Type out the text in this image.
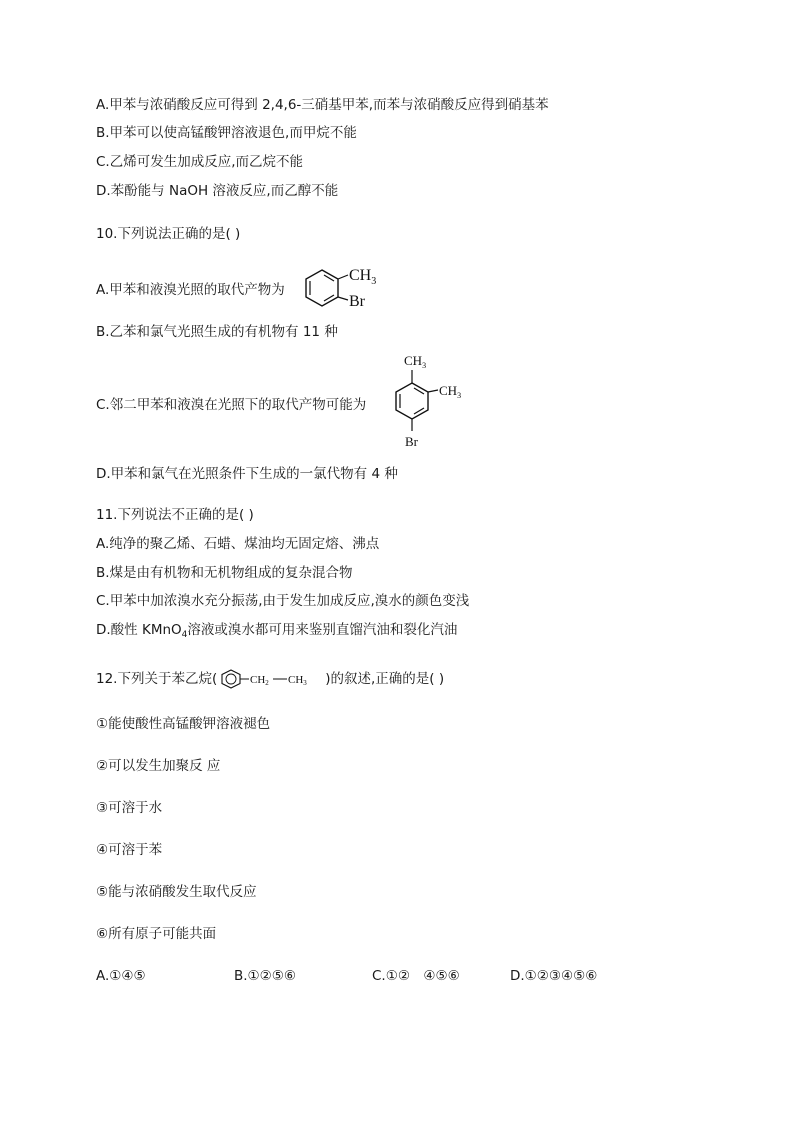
A.甲苯与浓硝酸反应可得到 2,4,6-三硝基甲苯,而苯与浓硝酸反应得到硝基苯
B.甲苯可以使高锰酸钾溶液退色,而甲烷不能
C.乙烯可发生加成反应,而乙烷不能
D.苯酚能与 NaOH 溶液反应,而乙醇不能
10.下列说法正确的是( )
A.甲苯和液溴光照的取代产物为
$CH_3$
Br
B.乙苯和氯气光照生成的有机物有 11 种
C.邻二甲苯和液溴在光照下的取代产物可能为
$CH_3$
$CH_3$
Br
D.甲苯和氯气在光照条件下生成的一氯代物有 4 种
11.下列说法不正确的是( )
A.纯净的聚乙烯、石蜡、煤油均无固定熔、沸点
B.煤是由有机物和无机物组成的复杂混合物
C.甲苯中加浓溴水充分振荡,由于发生加成反应,溴水的颜色变浅
D.酸性 KMnO$_4$溶液或溴水都可用来鉴别直馏汽油和裂化汽油
12.下列关于苯乙烷(	CH2 CH3 )的叙述,正确的是( )
①能使酸性高锰酸钾溶液褪色
②可以发生加聚反 应
③可溶于水
④可溶于苯
⑤能与浓硝酸发生取代反应
⑥所有原子可能共面
A.①④⑤	B.①②⑤⑥	C.①②　④⑤⑥	D.①②③④⑤⑥
